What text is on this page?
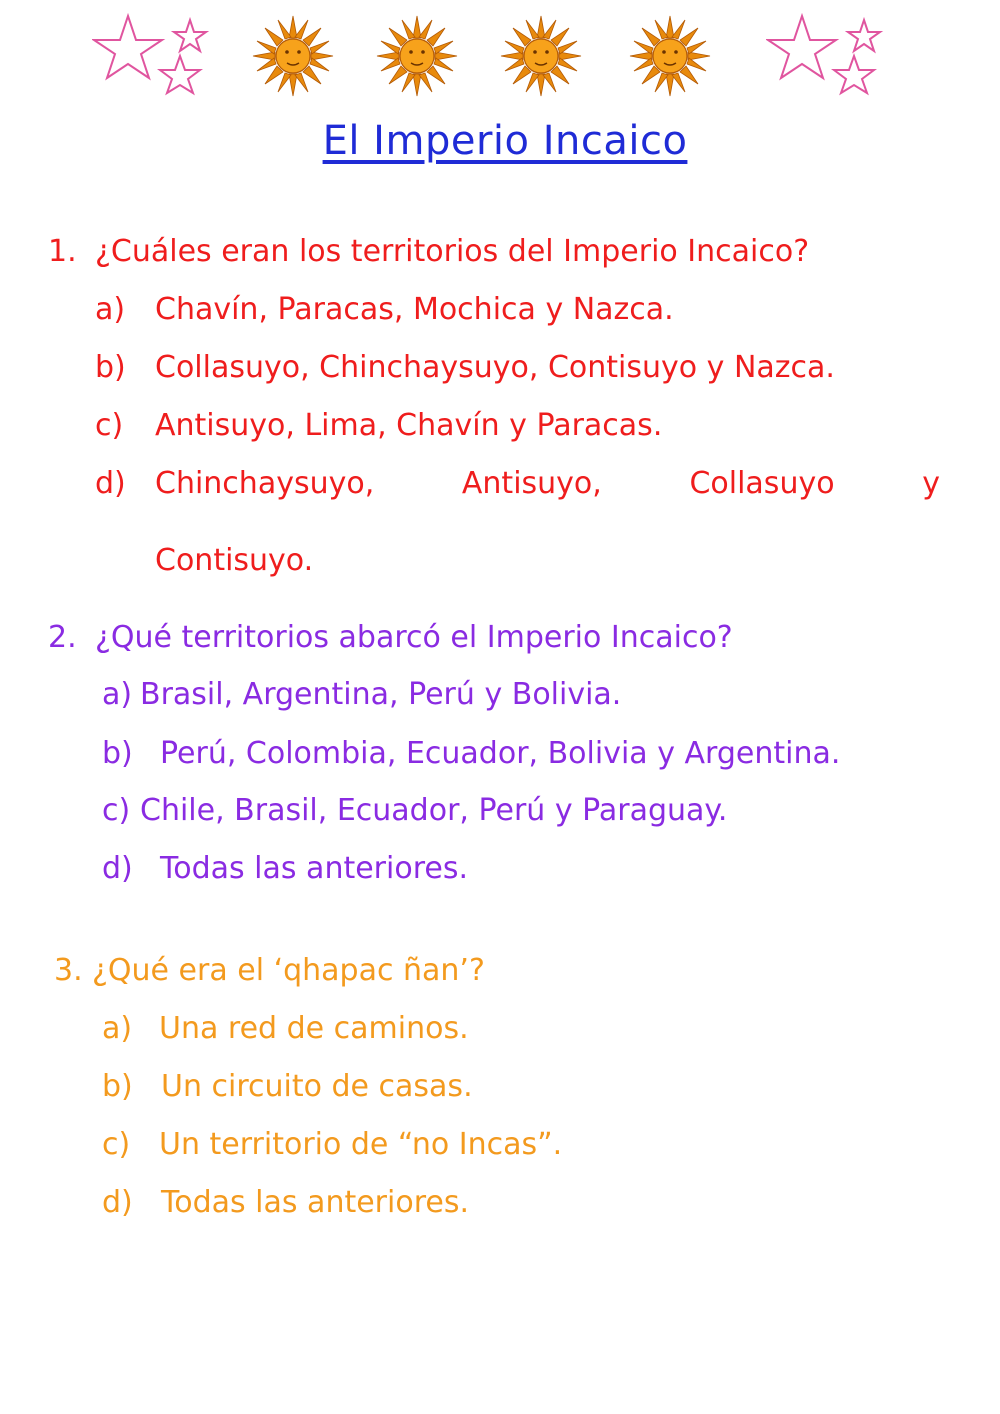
El Imperio Incaico
1. ¿Cuáles eran los territorios del Imperio Incaico?
a) Chavín, Paracas, Mochica y Nazca.
b) Collasuyo, Chinchaysuyo, Contisuyo y Nazca.
c) Antisuyo, Lima, Chavín y Paracas.
d) Chinchaysuyo,	Antisuyo,	Collasuyo	y
Contisuyo.
2. ¿Qué territorios abarcó el Imperio Incaico?
a) Brasil, Argentina, Perú y Bolivia.
b) Perú, Colombia, Ecuador, Bolivia y Argentina.
c) Chile, Brasil, Ecuador, Perú y Paraguay.
d) Todas las anteriores.
3. ¿Qué era el ‘qhapac ñan’?
a) Una red de caminos.
b) Un circuito de casas.
c) Un territorio de “no Incas”.
d) Todas las anteriores.
